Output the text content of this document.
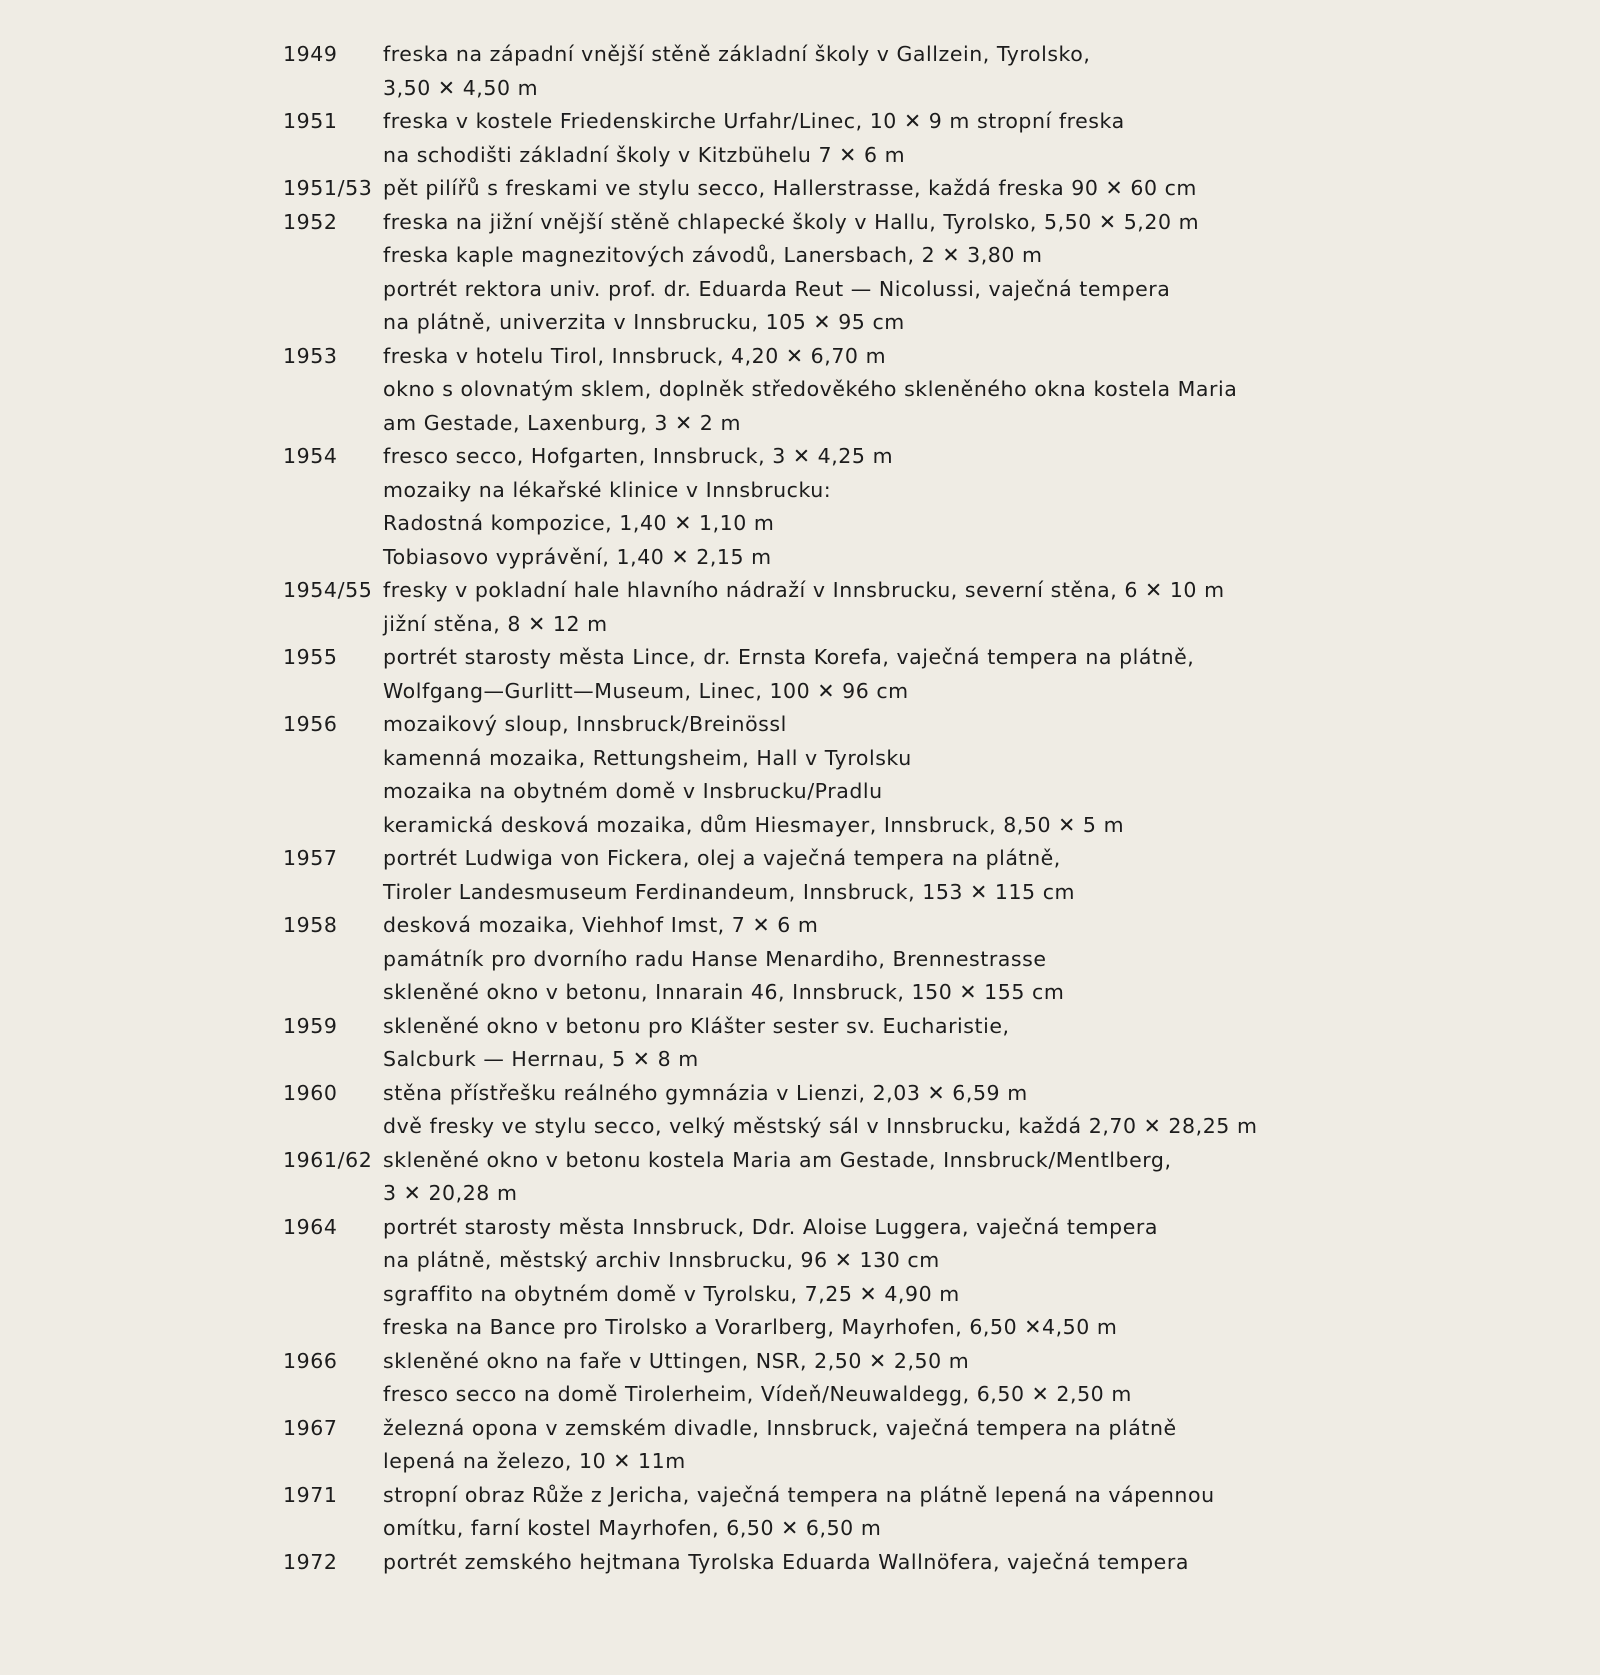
1949	freska na západní vnější stěně základní školy v Gallzein, Tyrolsko,
3,50 ✕ 4,50 m
1951	freska v kostele Friedenskirche Urfahr/Linec, 10 ✕ 9 m stropní freska
na schodišti základní školy v Kitzbühelu 7 ✕ 6 m
1951/53 pět pilířů s freskami ve stylu secco, Hallerstrasse, každá freska 90 ✕ 60 cm
1952	freska na jižní vnější stěně chlapecké školy v Hallu, Tyrolsko, 5,50 ✕ 5,20 m
freska kaple magnezitových závodů, Lanersbach, 2 ✕ 3,80 m
portrét rektora univ. prof. dr. Eduarda Reut — Nicolussi, vaječná tempera
na plátně, univerzita v Innsbrucku, 105 ✕ 95 cm
1953	freska v hotelu Tirol, Innsbruck, 4,20 ✕ 6,70 m
okno s olovnatým sklem, doplněk středověkého skleněného okna kostela Maria
am Gestade, Laxenburg, 3 ✕ 2 m
1954	fresco secco, Hofgarten, Innsbruck, 3 ✕ 4,25 m
mozaiky na lékařské klinice v Innsbrucku:
Radostná kompozice, 1,40 ✕ 1,10 m
Tobiasovo vyprávění, 1,40 ✕ 2,15 m
1954/55 fresky v pokladní hale hlavního nádraží v Innsbrucku, severní stěna, 6 ✕ 10 m
jižní stěna, 8 ✕ 12 m
1955	portrét starosty města Lince, dr. Ernsta Korefa, vaječná tempera na plátně,
Wolfgang—Gurlitt—Museum, Linec, 100 ✕ 96 cm
1956	mozaikový sloup, Innsbruck/Breinössl
kamenná mozaika, Rettungsheim, Hall v Tyrolsku
mozaika na obytném domě v Insbrucku/Pradlu
keramická desková mozaika, dům Hiesmayer, Innsbruck, 8,50 ✕ 5 m
1957	portrét Ludwiga von Fickera, olej a vaječná tempera na plátně,
Tiroler Landesmuseum Ferdinandeum, Innsbruck, 153 ✕ 115 cm
1958	desková mozaika, Viehhof Imst, 7 ✕ 6 m
památník pro dvorního radu Hanse Menardiho, Brennestrasse
skleněné okno v betonu, Innarain 46, Innsbruck, 150 ✕ 155 cm
1959	skleněné okno v betonu pro Klášter sester sv. Eucharistie,
Salcburk — Herrnau, 5 ✕ 8 m
1960	stěna přístřešku reálného gymnázia v Lienzi, 2,03 ✕ 6,59 m
dvě fresky ve stylu secco, velký městský sál v Innsbrucku, každá 2,70 ✕ 28,25 m
1961/62 skleněné okno v betonu kostela Maria am Gestade, Innsbruck/Mentlberg,
3 ✕ 20,28 m
1964	portrét starosty města Innsbruck, Ddr. Aloise Luggera, vaječná tempera
na plátně, městský archiv Innsbrucku, 96 ✕ 130 cm
sgraffito na obytném domě v Tyrolsku, 7,25 ✕ 4,90 m
freska na Bance pro Tirolsko a Vorarlberg, Mayrhofen, 6,50 ✕4,50 m
1966	skleněné okno na faře v Uttingen, NSR, 2,50 ✕ 2,50 m
fresco secco na domě Tirolerheim, Vídeň/Neuwaldegg, 6,50 ✕ 2,50 m
1967	železná opona v zemském divadle, Innsbruck, vaječná tempera na plátně
lepená na železo, 10 ✕ 11m
1971	stropní obraz Růže z Jericha, vaječná tempera na plátně lepená na vápennou
omítku, farní kostel Mayrhofen, 6,50 ✕ 6,50 m
1972	portrét zemského hejtmana Tyrolska Eduarda Wallnöfera, vaječná tempera
